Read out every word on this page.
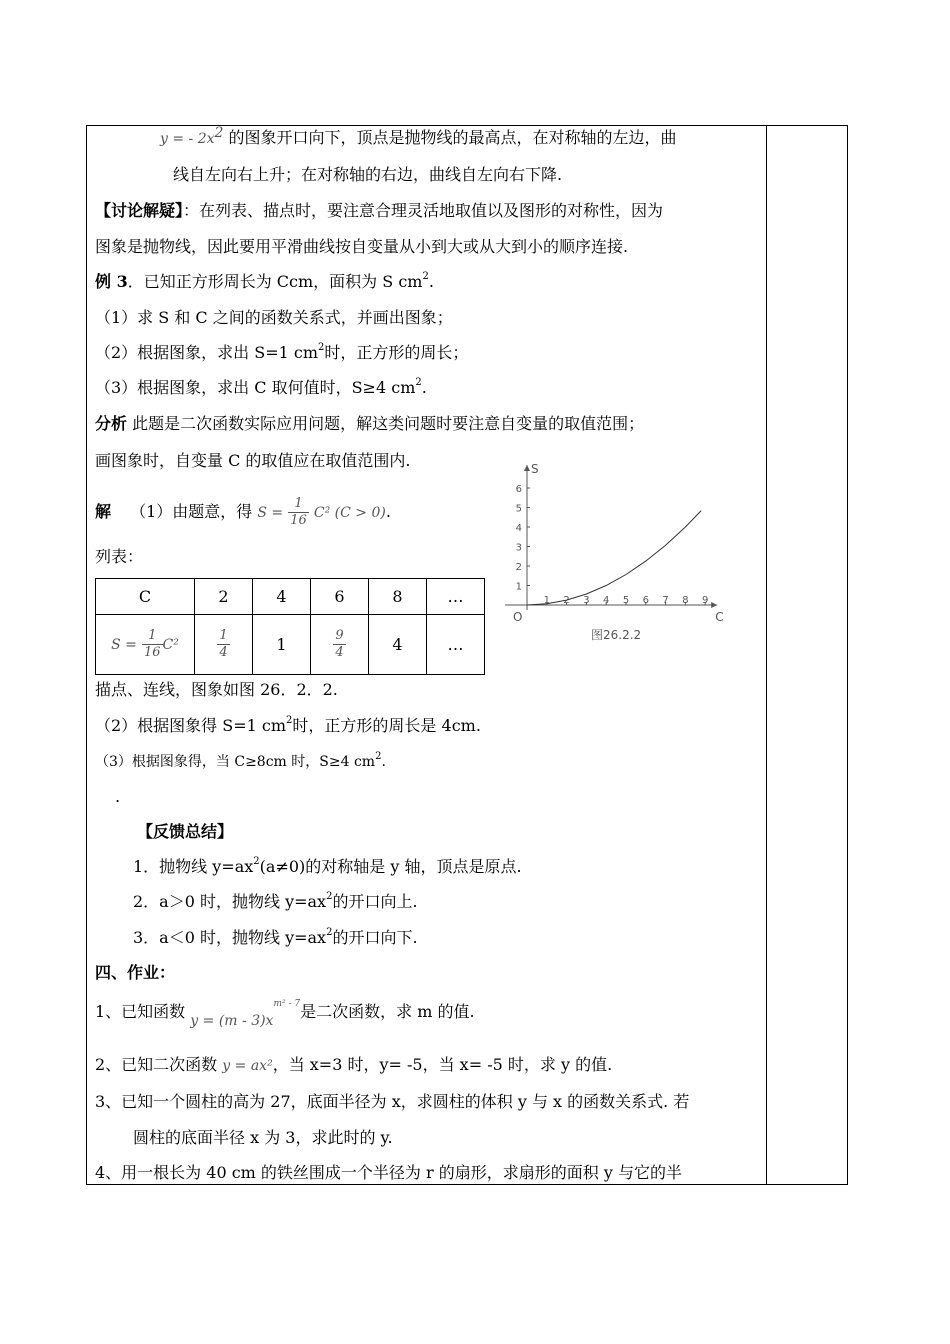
y = - $2x^2$ 的图象开口向下，顶点是抛物线的最高点，在对称轴的左边，曲
线自左向右上升；在对称轴的右边，曲线自左向右下降.
【讨论解疑】：在列表、描点时，要注意合理灵活地取值以及图形的对称性，因为
图象是抛物线，因此要用平滑曲线按自变量从小到大或从大到小的顺序连接.
例 3．已知正方形周长为 Ccm，面积为 S $cm^2$.
（1）求 S 和 C 之间的函数关系式，并画出图象；
（2）根据图象，求出 S=1 $cm^2$时，正方形的周长；
（3）根据图象，求出 C 取何值时，S≥4 $cm^2$.
分析 此题是二次函数实际应用问题，解这类问题时要注意自变量的取值范围；
画图象时，自变量 C 的取值应在取值范围内.
解 （1）由题意，得 $S = \frac{1}{16} C^2$ (C > 0).
列表：
C	2	4	6	8	…
$S = \frac{1}{16} C^2$	$\frac{1}{4}$	1	$\frac{9}{4}$	4	…
C
S
O
1 2 3 4 5 6 7 8 9
1
2
3
4
5
6
图26.2.2
描点、连线，图象如图 26．2．2.
（2）根据图象得 S=1 $cm^2$时，正方形的周长是 4cm.
（3）根据图象得，当 C≥8cm 时，S≥4 $cm^2$.
.
【反馈总结】
1．抛物线 $y=ax^2(a\ne 0)$的对称轴是 y 轴，顶点是原点.
2．a＞0 时，抛物线 $y=ax^2$的开口向上.
3．a＜0 时，抛物线 $y=ax^2$的开口向下.
四、作业：
1、已知函数 $y = (m - 3)x^{m^2 - 7}$是二次函数，求 m 的值.
2、已知二次函数 y = ax²，当 x=3 时，y= -5，当 x= -5 时，求 y 的值.
3、已知一个圆柱的高为 27，底面半径为 x，求圆柱的体积 y 与 x 的函数关系式. 若
圆柱的底面半径 x 为 3，求此时的 y.
4、用一根长为 40 cm 的铁丝围成一个半径为 r 的扇形，求扇形的面积 y 与它的半
